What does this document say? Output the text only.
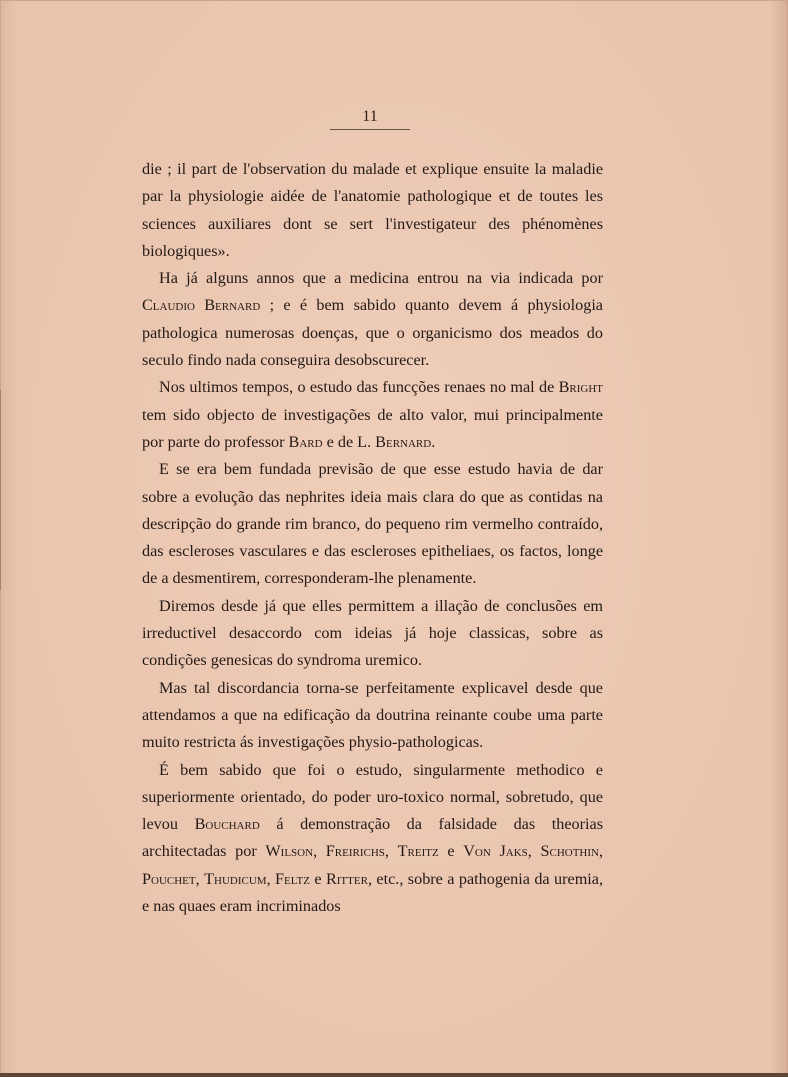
11

die ; il part de l'observation du malade et explique ensuite la maladie par la physiologie aidée de l'anatomie pathologique et de toutes les sciences auxiliares dont se sert l'investigateur des phénomènes biologiques».

Ha já alguns annos que a medicina entrou na via indicada por Claudio Bernard ; e é bem sabido quanto devem á physiologia pathologica numerosas doenças, que o organicismo dos meados do seculo findo nada conseguira desobscurecer.

Nos ultimos tempos, o estudo das funcções renaes no mal de Bright tem sido objecto de investigações de alto valor, mui principalmente por parte do professor Bard e de L. Bernard.

E se era bem fundada previsão de que esse estudo havia de dar sobre a evolução das nephrites ideia mais clara do que as contidas na descripção do grande rim branco, do pequeno rim vermelho contraído, das escleroses vasculares e das escleroses epitheliaes, os factos, longe de a desmentirem, corresponderam-lhe plenamente.

Diremos desde já que elles permittem a illação de conclusões em irreductivel desaccordo com ideias já hoje classicas, sobre as condições genesicas do syndroma uremico.

Mas tal discordancia torna-se perfeitamente explicavel desde que attendamos a que na edificação da doutrina reinante coube uma parte muito restricta ás investigações physio-pathologicas.

É bem sabido que foi o estudo, singularmente methodico e superiormente orientado, do poder uro-toxico normal, sobretudo, que levou Bouchard á demonstração da falsidade das theorias architectadas por Wilson, Freirichs, Treitz e Von Jaks, Schothin, Pouchet, Thudicum, Feltz e Ritter, etc., sobre a pathogenia da uremia, e nas quaes eram incriminados
